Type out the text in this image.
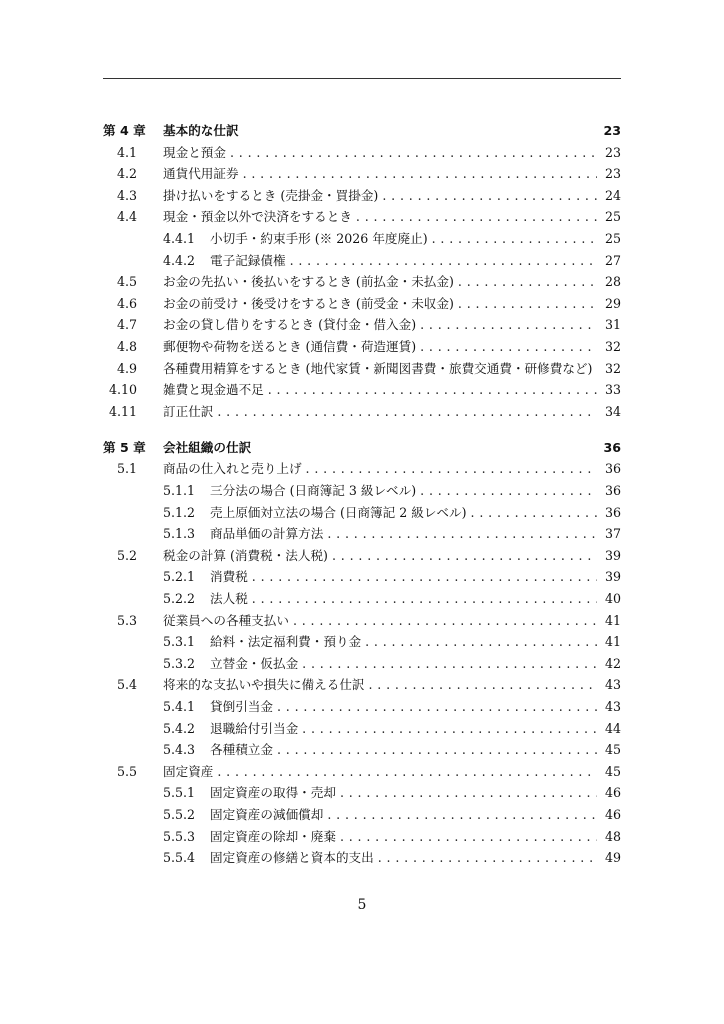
第 4 章 基本的な仕訳	23
4.1 現金と預金 . . .	23
4.2 通貨代用証券 . . .	23
4.3 掛け払いをするとき (売掛金・買掛金) . . .	24
4.4 現金・預金以外で決済をするとき . . .	25
4.4.1 小切手・約束手形 (※ 2026 年度廃止) . . .	25
4.4.2 電子記録債権 . . .	27
4.5 お金の先払い・後払いをするとき (前払金・未払金) . . .	28
4.6 お金の前受け・後受けをするとき (前受金・未収金) . . .	29
4.7 お金の貸し借りをするとき (貸付金・借入金) . . .	31
4.8 郵便物や荷物を送るとき (通信費・荷造運賃) . . .	32
4.9 各種費用精算をするとき (地代家賃・新聞図書費・旅費交通費・研修費など) . . . 32
4.10 雑費と現金過不足 . . .	33
4.11 訂正仕訳 . . .	34
第 5 章 会社組織の仕訳	36
5.1 商品の仕入れと売り上げ . . .	36
5.1.1 三分法の場合 (日商簿記 3 級レベル) . . .	36
5.1.2 売上原価対立法の場合 (日商簿記 2 級レベル) . . .	36
5.1.3 商品単価の計算方法 . . .	37
5.2 税金の計算 (消費税・法人税) . . .	39
5.2.1 消費税 . . .	39
5.2.2 法人税 . . .	40
5.3 従業員への各種支払い . . .	41
5.3.1 給料・法定福利費・預り金 . . .	41
5.3.2 立替金・仮払金 . . .	42
5.4 将来的な支払いや損失に備える仕訳 . . .	43
5.4.1 貸倒引当金 . . .	43
5.4.2 退職給付引当金 . . .	44
5.4.3 各種積立金 . . .	45
5.5 固定資産 . . .	45
5.5.1 固定資産の取得・売却 . . .	46
5.5.2 固定資産の減価償却 . . .	46
5.5.3 固定資産の除却・廃棄 . . .	48
5.5.4 固定資産の修繕と資本的支出 . . .	49
5
